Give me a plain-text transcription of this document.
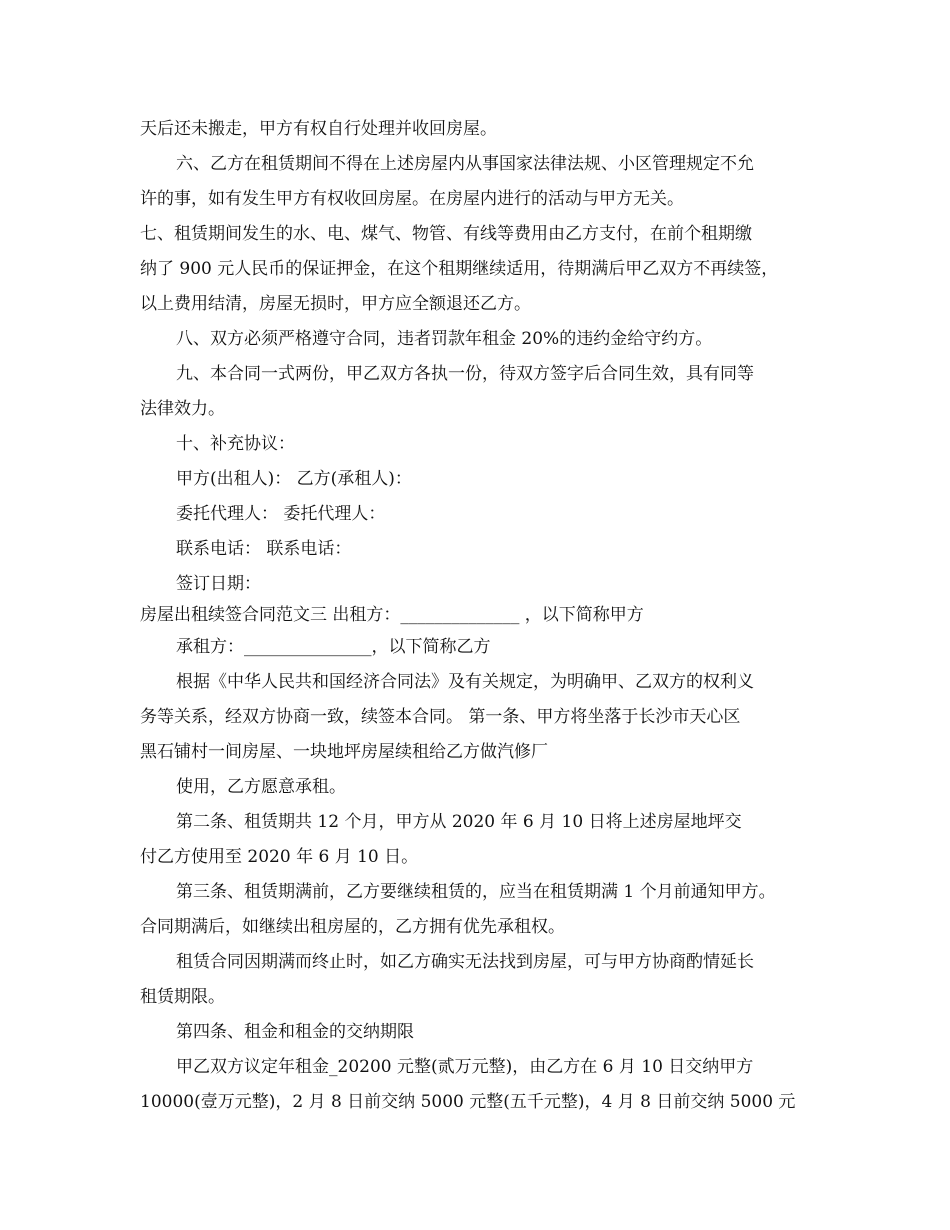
天后还未搬走，甲方有权自行处理并收回房屋。
六、乙方在租赁期间不得在上述房屋内从事国家法律法规、小区管理规定不允
许的事，如有发生甲方有权收回房屋。在房屋内进行的活动与甲方无关。
七、租赁期间发生的水、电、煤气、物管、有线等费用由乙方支付，在前个租期缴
纳了 900 元人民币的保证押金，在这个租期继续适用，待期满后甲乙双方不再续签，
以上费用结清，房屋无损时，甲方应全额退还乙方。
八、双方必须严格遵守合同，违者罚款年租金 20%的违约金给守约方。
九、本合同一式两份，甲乙双方各执一份，待双方签字后合同生效，具有同等
法律效力。
十、补充协议：
甲方(出租人)： 乙方(承租人)：
委托代理人： 委托代理人：
联系电话： 联系电话：
签订日期：
房屋出租续签合同范文三 出租方：______________ ，以下简称甲方
承租方：_______________，以下简称乙方
根据《中华人民共和国经济合同法》及有关规定，为明确甲、乙双方的权利义
务等关系，经双方协商一致，续签本合同。 第一条、甲方将坐落于长沙市天心区
黑石铺村一间房屋、一块地坪房屋续租给乙方做汽修厂
使用，乙方愿意承租。
第二条、租赁期共 12 个月，甲方从 2020 年 6 月 10 日将上述房屋地坪交
付乙方使用至 2020 年 6 月 10 日。
第三条、租赁期满前，乙方要继续租赁的，应当在租赁期满 1 个月前通知甲方。
合同期满后，如继续出租房屋的，乙方拥有优先承租权。
租赁合同因期满而终止时，如乙方确实无法找到房屋，可与甲方协商酌情延长
租赁期限。
第四条、租金和租金的交纳期限
甲乙双方议定年租金_20200 元整(贰万元整)，由乙方在 6 月 10 日交纳甲方
10000(壹万元整)，2 月 8 日前交纳 5000 元整(五千元整)，4 月 8 日前交纳 5000 元
